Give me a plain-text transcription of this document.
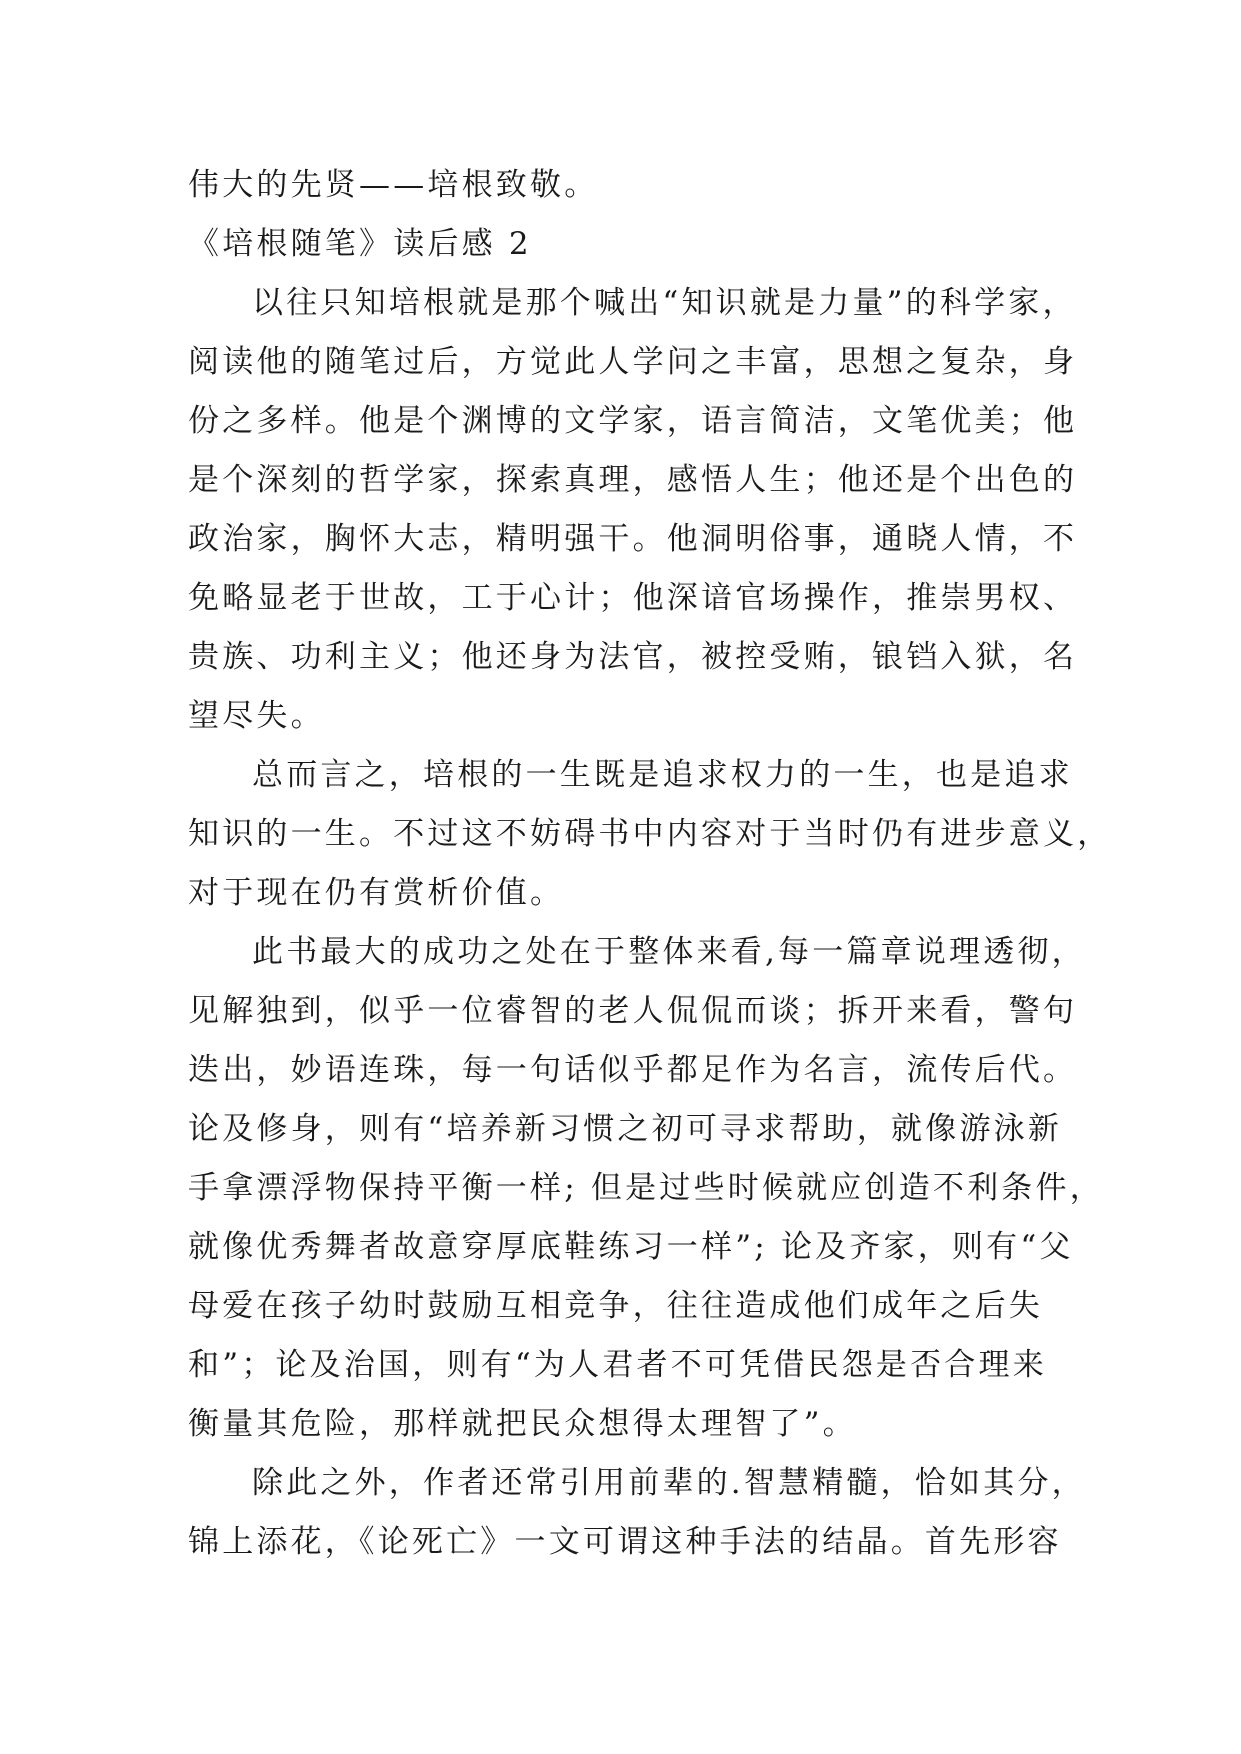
伟大的先贤——培根致敬。
《培根随笔》读后感 2
以往只知培根就是那个喊出“知识就是力量”的科学家，
阅读他的随笔过后，方觉此人学问之丰富，思想之复杂，身
份之多样。他是个渊博的文学家，语言简洁，文笔优美；他
是个深刻的哲学家，探索真理，感悟人生；他还是个出色的
政治家，胸怀大志，精明强干。他洞明俗事，通晓人情，不
免略显老于世故，工于心计；他深谙官场操作，推崇男权、
贵族、功利主义；他还身为法官，被控受贿，锒铛入狱，名
望尽失。
总而言之，培根的一生既是追求权力的一生，也是追求
知识的一生。不过这不妨碍书中内容对于当时仍有进步意义，
对于现在仍有赏析价值。
此书最大的成功之处在于整体来看,每一篇章说理透彻，
见解独到，似乎一位睿智的老人侃侃而谈；拆开来看，警句
迭出，妙语连珠，每一句话似乎都足作为名言，流传后代。
论及修身，则有“培养新习惯之初可寻求帮助，就像游泳新
手拿漂浮物保持平衡一样; 但是过些时候就应创造不利条件，
就像优秀舞者故意穿厚底鞋练习一样”; 论及齐家，则有“父
母爱在孩子幼时鼓励互相竞争，往往造成他们成年之后失
和”；论及治国，则有“为人君者不可凭借民怨是否合理来
衡量其危险，那样就把民众想得太理智了”。
除此之外，作者还常引用前辈的.智慧精髓，恰如其分，
锦上添花，《论死亡》一文可谓这种手法的结晶。首先形容
